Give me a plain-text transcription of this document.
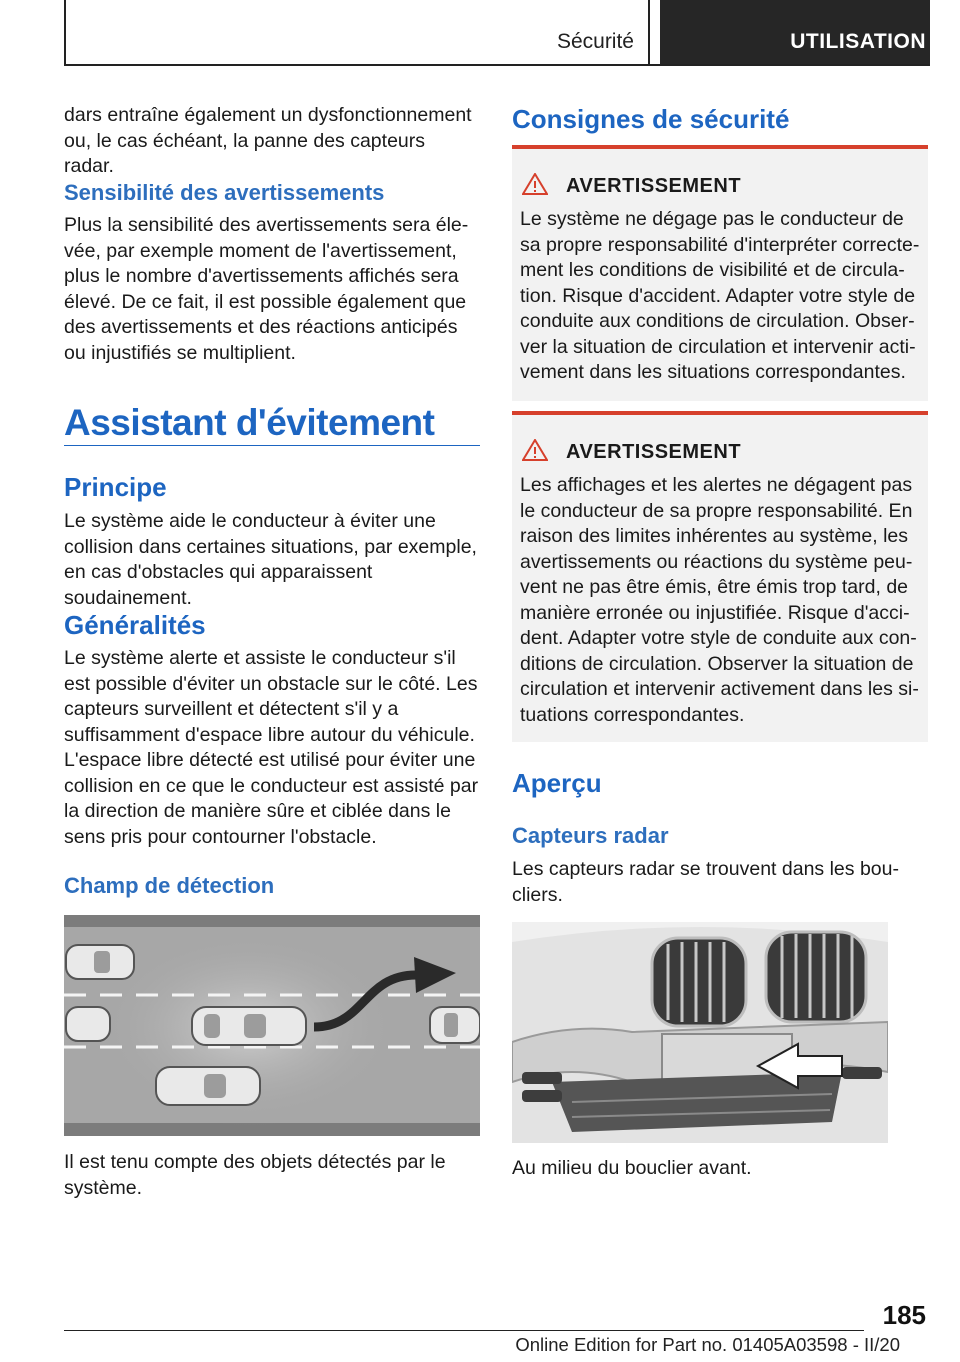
Sécurité	UTILISATION

dars entraîne également un dysfonctionnement ou, le cas échéant, la panne des capteurs radar.

Sensibilité des avertissements

Plus la sensibilité des avertissements sera élevée, par exemple moment de l'avertissement, plus le nombre d'avertissements affichés sera élevé. De ce fait, il est possible également que des avertissements et des réactions anticipés ou injustifiés se multiplient.

Assistant d'évitement
Principe

Le système aide le conducteur à éviter une collision dans certaines situations, par exemple, en cas d'obstacles qui apparaissent soudainement.

Généralités

Le système alerte et assiste le conducteur s'il est possible d'éviter un obstacle sur le côté. Les capteurs surveillent et détectent s'il y a suffisamment d'espace libre autour du véhicule. L'espace libre détecté est utilisé pour éviter une collision en ce que le conducteur est assisté par la direction de manière sûre et ciblée dans le sens pris pour contourner l'obstacle.

Champ de détection

Il est tenu compte des objets détectés par le système.

Consignes de sécurité
AVERTISSEMENT

Le système ne dégage pas le conducteur de sa propre responsabilité d'interpréter correctement les conditions de visibilité et de circulation. Risque d'accident. Adapter votre style de conduite aux conditions de circulation. Observer la situation de circulation et intervenir activement dans les situations correspondantes.

AVERTISSEMENT

Les affichages et les alertes ne dégagent pas le conducteur de sa propre responsabilité. En raison des limites inhérentes au système, les avertissements ou réactions du système peuvent ne pas être émis, être émis trop tard, de manière erronée ou injustifiée. Risque d'accident. Adapter votre style de conduite aux conditions de circulation. Observer la situation de circulation et intervenir activement dans les situations correspondantes.

Aperçu
Capteurs radar

Les capteurs radar se trouvent dans les boucliers.

Au milieu du bouclier avant.

185
Online Edition for Part no. 01405A03598 - II/20
